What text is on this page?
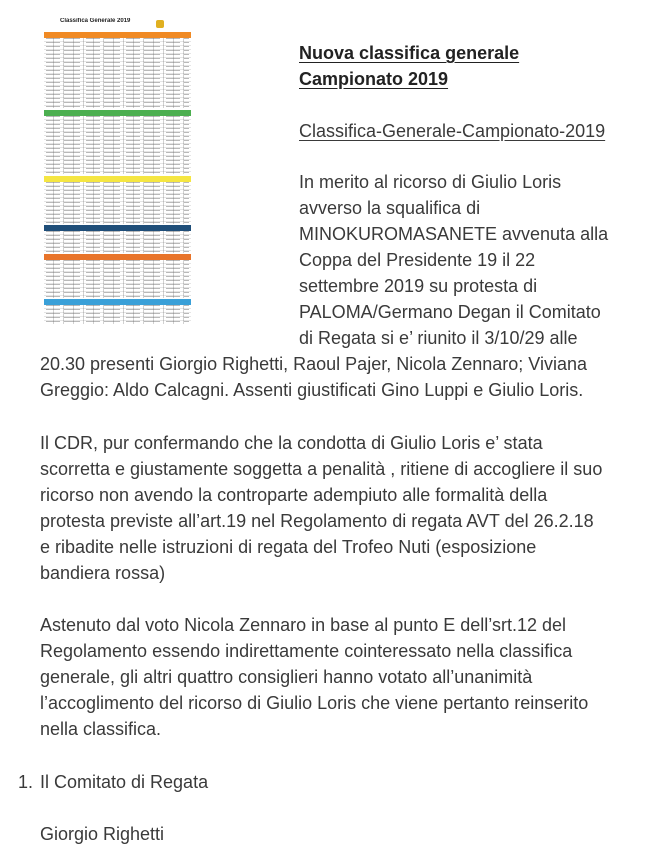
Classifica Generale 2019
Nuova classifica generale
Campionato 2019
Classifica-Generale-Campionato-2019

In merito al ricorso di Giulio Loris
avverso la squalifica di
MINOKUROMASANETE avvenuta alla
Coppa del Presidente 19 il 22
settembre 2019 su protesta di
PALOMA/Germano Degan il Comitato
di Regata si e’ riunito il 3/10/29 alle
20.30 presenti Giorgio Righetti, Raoul Pajer, Nicola Zennaro; Viviana
Greggio: Aldo Calcagni. Assenti giustificati Gino Luppi e Giulio Loris.

Il CDR, pur confermando che la condotta di Giulio Loris e’ stata
scorretta e giustamente soggetta a penalità , ritiene di accogliere il suo
ricorso non avendo la controparte adempiuto alle formalità della
protesta previste all’art.19 nel Regolamento di regata AVT del 26.2.18
e ribadite nelle istruzioni di regata del Trofeo Nuti (esposizione
bandiera rossa)

Astenuto dal voto Nicola Zennaro in base al punto E dell’srt.12 del
Regolamento essendo indirettamente cointeressato nella classifica
generale, gli altri quattro consiglieri hanno votato all’unanimità
l’accoglimento del ricorso di Giulio Loris che viene pertanto reinserito
nella classifica.

1. Il Comitato di Regata
Giorgio Righetti
